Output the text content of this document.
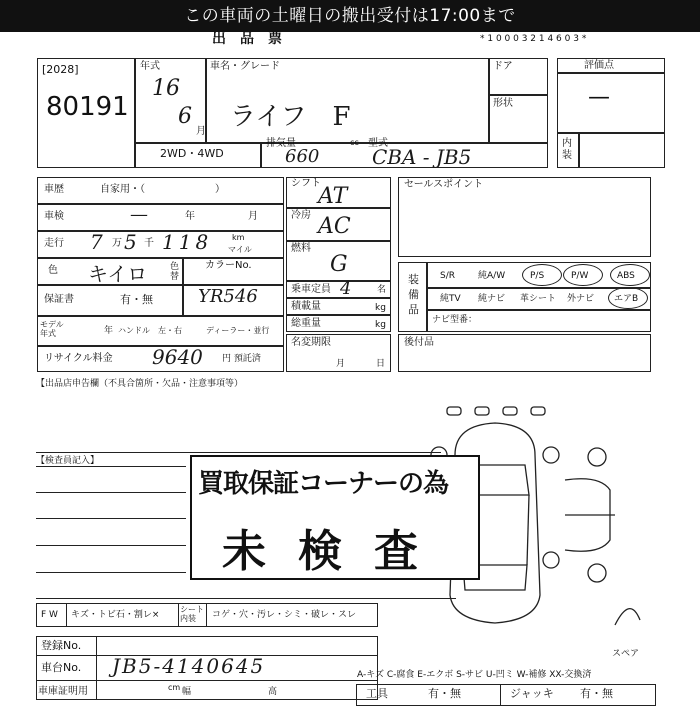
この車両の土曜日の搬出受付は17:00まで
出　品　票	* 1 0 0 0 3 2 1 4 6 0 3 *
[2028]
80191
年式
16
6
月
車名・グレード
ライフ　F
ドア
形状
2WD・4WD
排気量	cc
660
型式
CBA - JB5
評価点
—
内装
車歴	自家用・（　　　　　　　）
車検	—	年	月
走行 7 万 5 千 118 km
マイル
色 キイロ	色替
カラーNo.
YR546
保証書	有・無
モデル年式	年 ハンドル　左・右	ディーラー・並行
リサイクル料金 9640 円 預託済
シフト
AT
冷房 AC
燃料
G
乗車定員 4	名
積載量	kg
総重量	kg
名変期限
月	日
セールスポイント
装備品
S/R	純A/W	P/S	P/W	ABS
純TV 純ナビ 革シート 外ナビ エアB
ナビ型番：
後付品
【出品店申告欄（不具合箇所・欠品・注意事項等）
【検査員記入】
スペア
買取保証コーナーの為
未検査
F W キズ・トビ石・割レ×
シート内装	コゲ・穴・汚レ・シミ・破レ・スレ
登録No.
車台No. JB5-4140645
車庫証明用	cm 幅	高
A-キズ C-腐食 E-エクボ S-サビ U-凹ミ W-補修 XX-交換済
工具	有・無	ジャッキ 有・無
